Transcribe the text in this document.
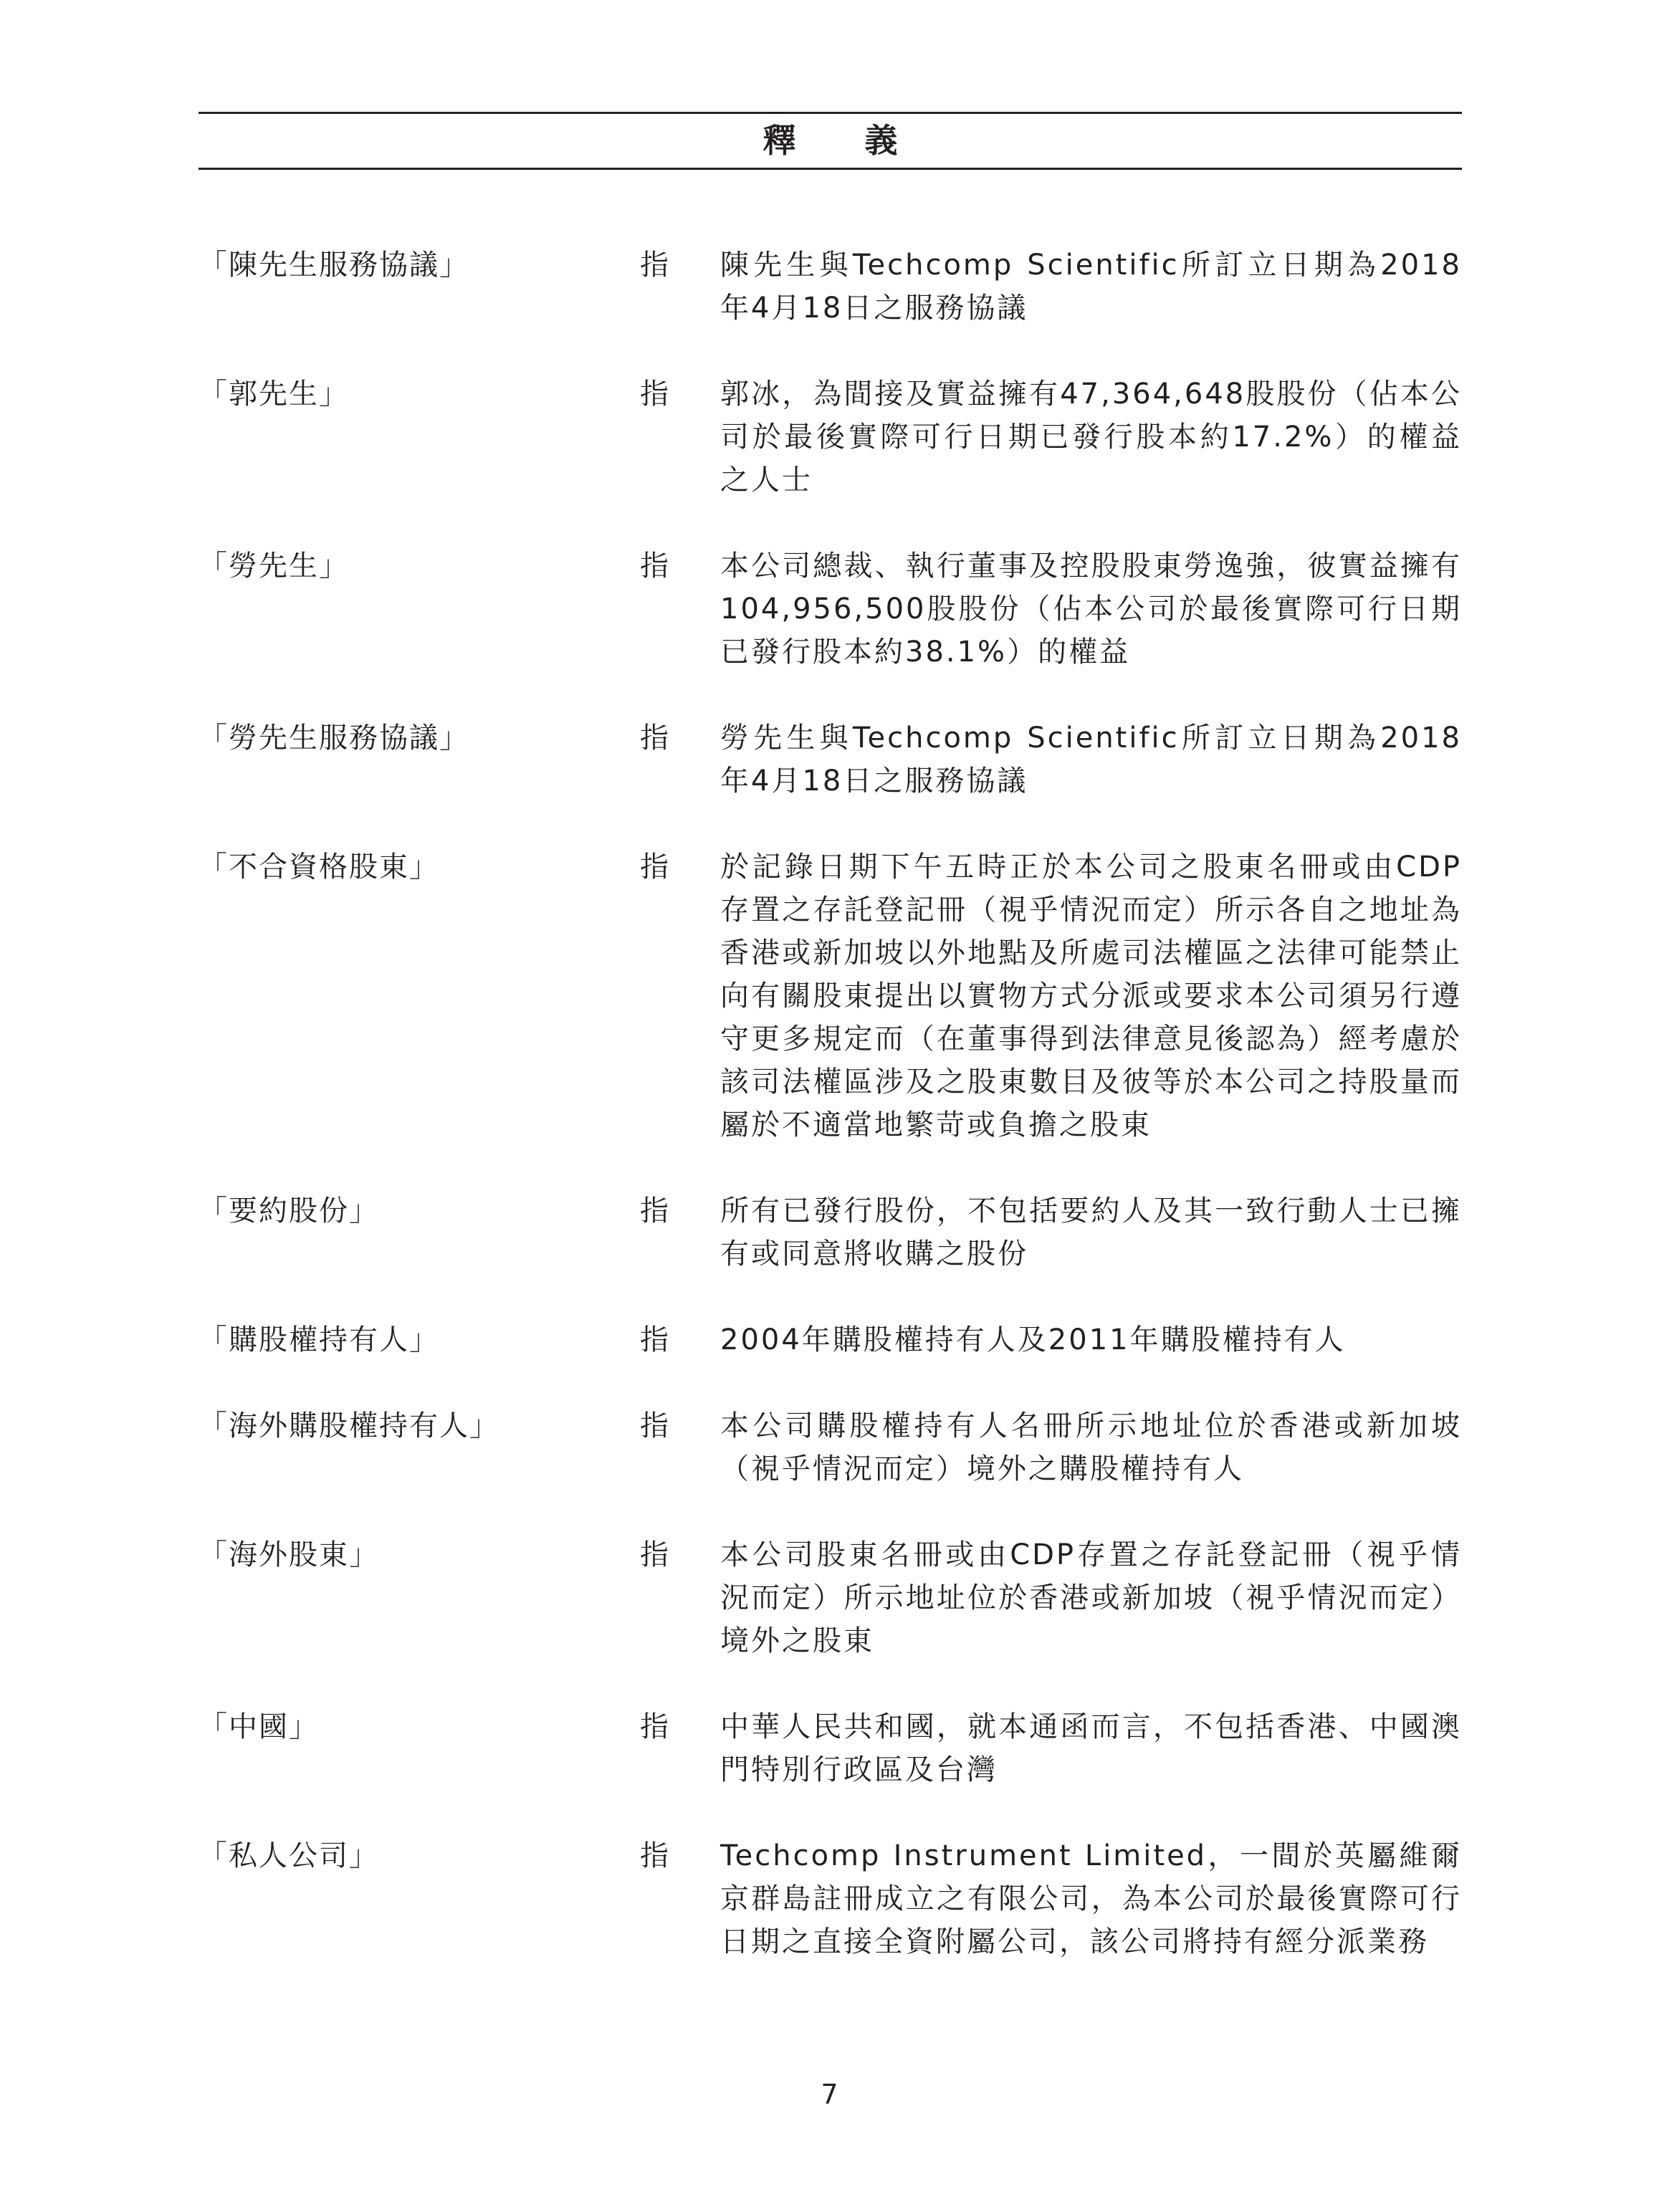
釋 義
「陳先生服務協議」	指 陳先生與Techcomp Scientific所訂立日期為2018年4月18日之服務協議
「郭先生」	指 郭冰，為間接及實益擁有47,364,648股股份（佔本公司於最後實際可行日期已發行股本約17.2%）的權益之人士
「勞先生」	指 本公司總裁、執行董事及控股股東勞逸強，彼實益擁有 104,956,500股股份（佔本公司於最後實際可行日期已發行股本約38.1%）的權益
「勞先生服務協議」	指 勞先生與Techcomp Scientific所訂立日期為2018年4月18日之服務協議
「不合資格股東」	指 於記錄日期下午五時正於本公司之股東名冊或由CDP存置之存託登記冊（視乎情況而定）所示各自之地址為香港或新加坡以外地點及所處司法權區之法律可能禁止向有關股東提出以實物方式分派或要求本公司須另行遵守更多規定而（在董事得到法律意見後認為）經考慮於該司法權區涉及之股東數目及彼等於本公司之持股量而屬於不適當地繁苛或負擔之股東
「要約股份」	指 所有已發行股份，不包括要約人及其一致行動人士已擁有或同意將收購之股份
「購股權持有人」	指 2004年購股權持有人及2011年購股權持有人
「海外購股權持有人」	指 本公司購股權持有人名冊所示地址位於香港或新加坡（視乎情況而定）境外之購股權持有人
「海外股東」	指 本公司股東名冊或由CDP存置之存託登記冊（視乎情況而定）所示地址位於香港或新加坡（視乎情況而定）境外之股東
「中國」	指 中華人民共和國，就本通函而言，不包括香港、中國澳門特別行政區及台灣
「私人公司」	指 Techcomp Instrument Limited，一間於英屬維爾京群島註冊成立之有限公司，為本公司於最後實際可行日期之直接全資附屬公司，該公司將持有經分派業務
7
